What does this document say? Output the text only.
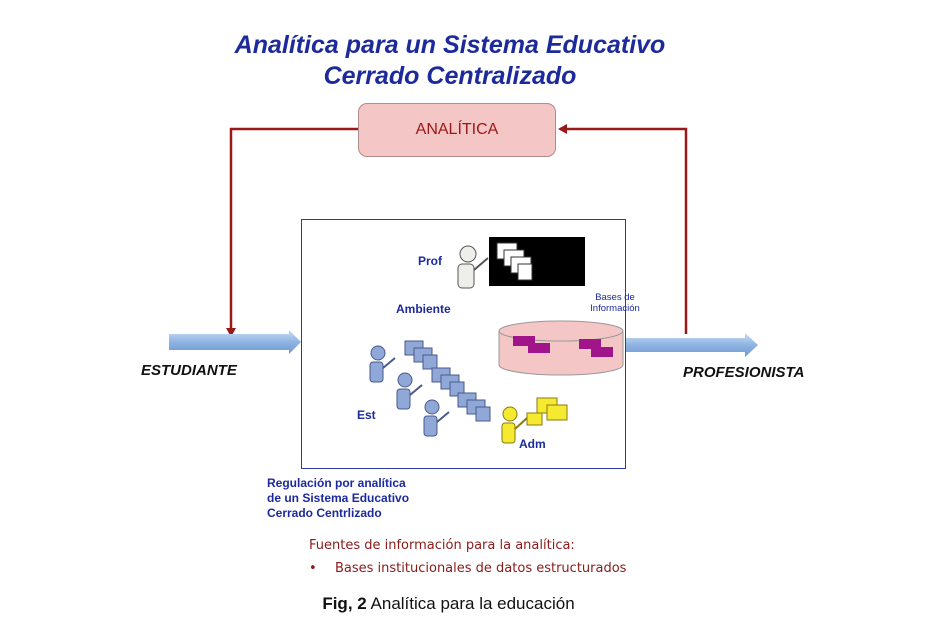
Analítica para un Sistema Educativo
Cerrado Centralizado
ANALÍTICA
Prof
Ambiente
Est
Adm
Bases de
Información
ESTUDIANTE	PROFESIONISTA
Regulación por analítica
de un Sistema Educativo
Cerrado Centrlizado
Fuentes de información para la analítica:
• Bases institucionales de datos estructurados
Fig, 2 Analítica para la educación
